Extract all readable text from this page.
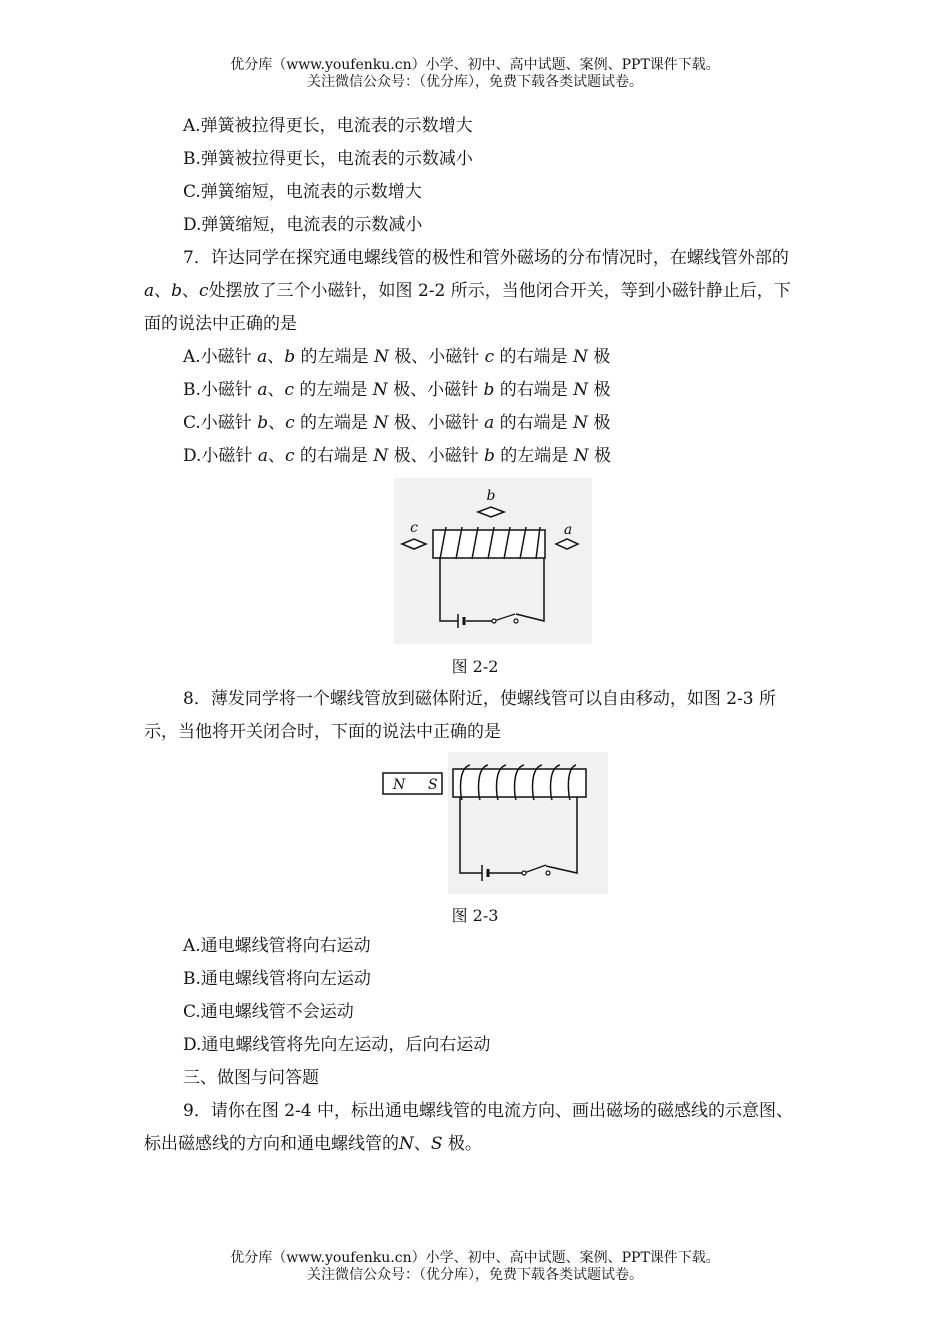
优分库（www.youfenku.cn）小学、初中、高中试题、案例、PPT课件下载。
关注微信公众号：（优分库），免费下载各类试题试卷。
A.弹簧被拉得更长，电流表的示数增大
B.弹簧被拉得更长，电流表的示数减小
C.弹簧缩短，电流表的示数增大
D.弹簧缩短，电流表的示数减小
7．许达同学在探究通电螺线管的极性和管外磁场的分布情况时，在螺线管外部的a、b、c处摆放了三个小磁针，如图 2-2 所示，当他闭合开关，等到小磁针静止后，下面的说法中正确的是
A.小磁针 a、b 的左端是 N 极、小磁针 c 的右端是 N 极
B.小磁针 a、c 的左端是 N 极、小磁针 b 的右端是 N 极
C.小磁针 b、c 的左端是 N 极、小磁针 a 的右端是 N 极
D.小磁针 a、c 的右端是 N 极、小磁针 b 的左端是 N 极
b
c	a
图 2-2
8．薄发同学将一个螺线管放到磁体附近，使螺线管可以自由移动，如图 2-3 所示，当他将开关闭合时，下面的说法中正确的是
N S
图 2-3
A.通电螺线管将向右运动
B.通电螺线管将向左运动
C.通电螺线管不会运动
D.通电螺线管将先向左运动，后向右运动
三、做图与问答题
9．请你在图 2-4 中，标出通电螺线管的电流方向、画出磁场的磁感线的示意图、标出磁感线的方向和通电螺线管的N、S 极。
优分库（www.youfenku.cn）小学、初中、高中试题、案例、PPT课件下载。
关注微信公众号：（优分库），免费下载各类试题试卷。
